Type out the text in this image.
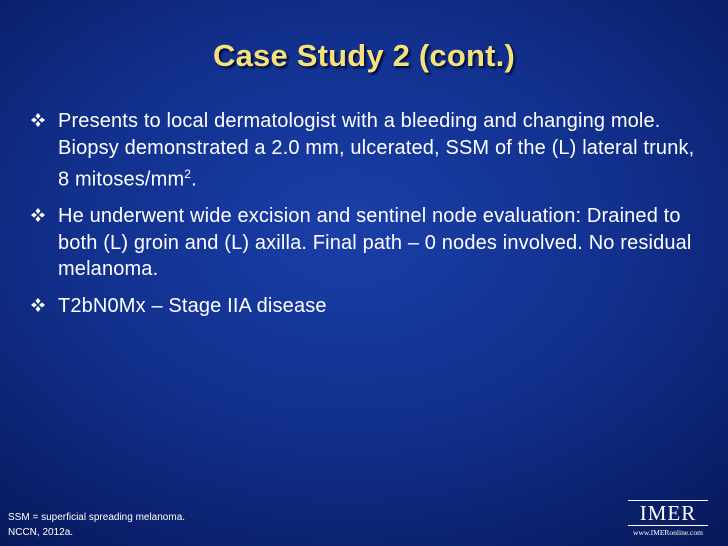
Case Study 2 (cont.)
Presents to local dermatologist with a bleeding and changing mole. Biopsy demonstrated a 2.0 mm, ulcerated, SSM of the (L) lateral trunk, 8 mitoses/$mm^2$.
He underwent wide excision and sentinel node evaluation: Drained to both (L) groin and (L) axilla. Final path – 0 nodes involved. No residual melanoma.
T2bN0Mx – Stage IIA disease
SSM = superficial spreading melanoma.
NCCN, 2012a.
IMER
www.IMERonline.com
